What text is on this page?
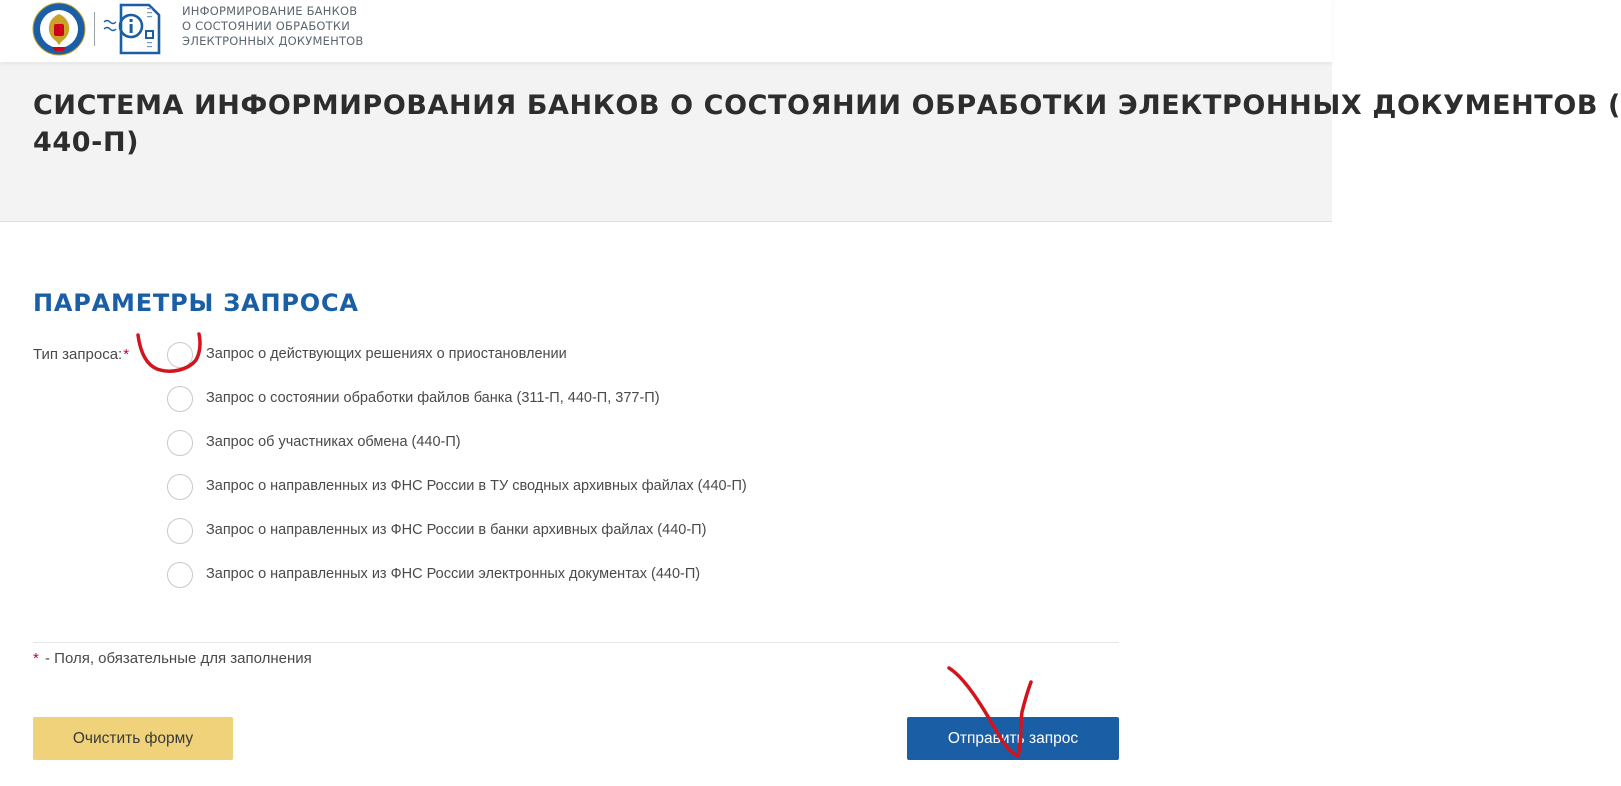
ИНФОРМИРОВАНИЕ БАНКОВ
О СОСТОЯНИИ ОБРАБОТКИ
ЭЛЕКТРОННЫХ ДОКУМЕНТОВ

СИСТЕМА ИНФОРМИРОВАНИЯ БАНКОВ О СОСТОЯНИИ ОБРАБОТКИ ЭЛЕКТРОННЫХ ДОКУМЕНТОВ (
440-П)
ПАРАМЕТРЫ ЗАПРОСА
Тип запроса:*	Запрос о действующих решениях о приостановлении
Запрос о состоянии обработки файлов банка (311-П, 440-П, 377-П)
Запрос об участниках обмена (440-П)
Запрос о направленных из ФНС России в ТУ сводных архивных файлах (440-П)
Запрос о направленных из ФНС России в банки архивных файлах (440-П)
Запрос о направленных из ФНС России электронных документах (440-П)
* - Поля, обязательные для заполнения
Очистить форму	Отправить запрос
